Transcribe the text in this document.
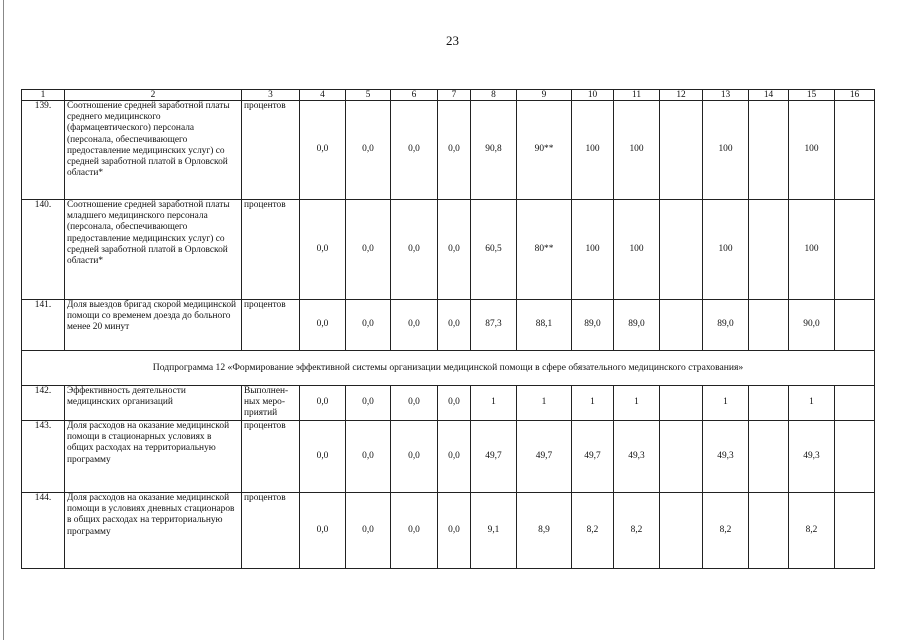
23
1	2	3	4	5	6	7	8	9	10	11	12	13	14	15	16
139.	Соотношение средней заработной платы среднего медицинского (фармацевтического) персонала (персонала, обеспечивающего предоставление медицинских услуг) со средней заработной платой в Орловской области*	процентов	0,0	0,0	0,0	0,0	90,8	90**	100	100		100		100	
140.	Соотношение средней заработной платы младшего медицинского персонала (персонала, обеспечивающего предоставление медицинских услуг) со средней заработной платой в Орловской области*	процентов	0,0	0,0	0,0	0,0	60,5	80**	100	100		100		100	
141.	Доля выездов бригад скорой медицинской помощи со временем доезда до больного менее 20 минут	процентов	0,0	0,0	0,0	0,0	87,3	88,1	89,0	89,0		89,0		90,0	
Подпрограмма 12 «Формирование эффективной системы организации медицинской помощи в сфере обязательного медицинского страхования»															
142.	Эффективность деятельности медицинских организаций	Выполнен-ных меро-приятий	0,0	0,0	0,0	0,0	1	1	1	1		1		1	
143.	Доля расходов на оказание медицинской помощи в стационарных условиях в общих расходах на территориальную программу	процентов	0,0	0,0	0,0	0,0	49,7	49,7	49,7	49,3		49,3		49,3	
144.	Доля расходов на оказание медицинской помощи в условиях дневных стационаров в общих расходах на территориальную программу	процентов	0,0	0,0	0,0	0,0	9,1	8,9	8,2	8,2		8,2		8,2	
